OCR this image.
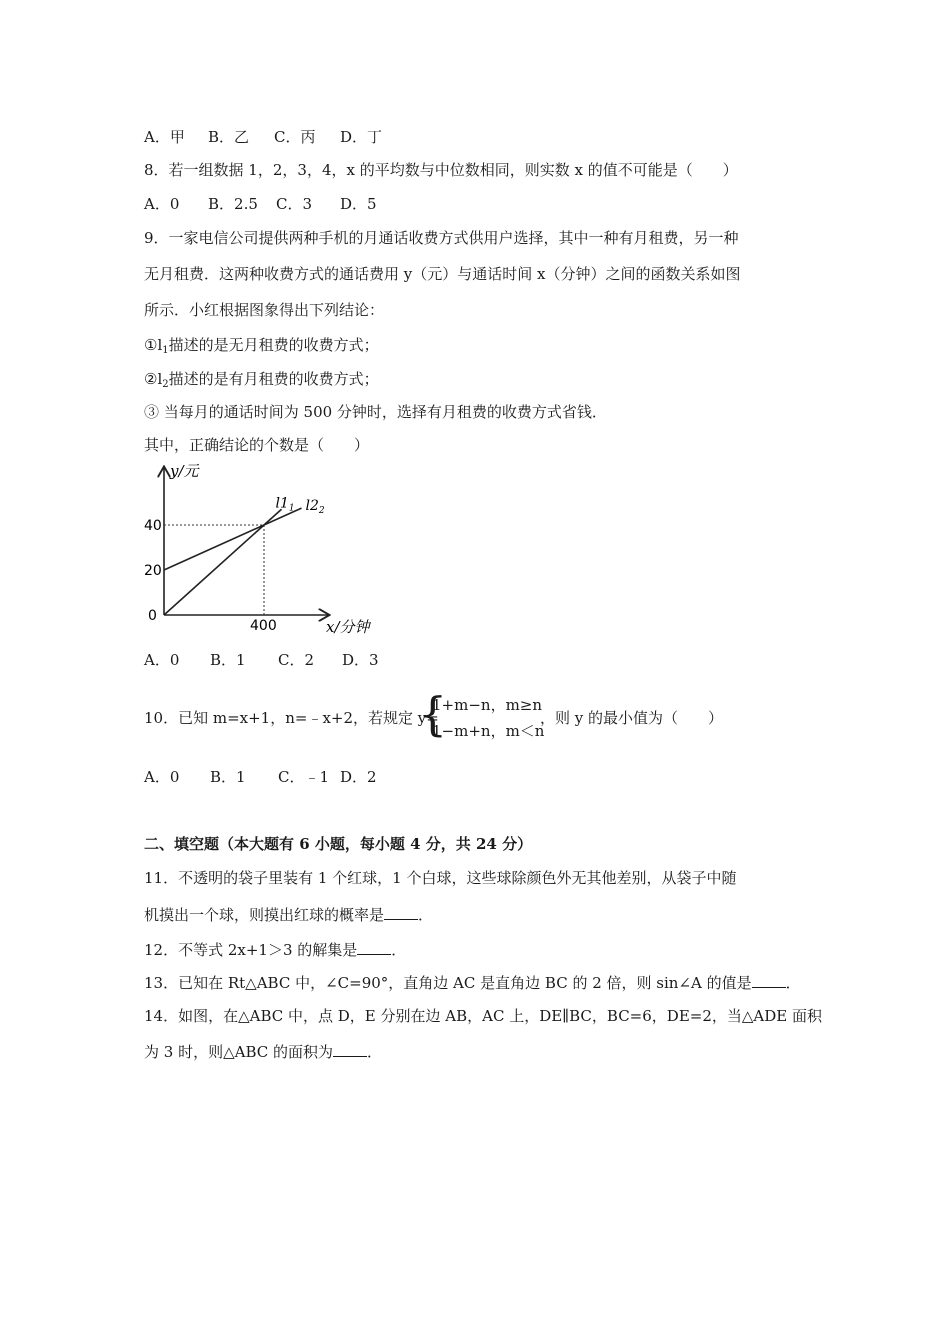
A．甲 B．乙 C．丙 D．丁
8．若一组数据 1，2，3，4，x 的平均数与中位数相同，则实数 x 的值不可能是（　　）
A．0 B．2.5 C．3 D．5
9．一家电信公司提供两种手机的月通话收费方式供用户选择，其中一种有月租费，另一种
无月租费．这两种收费方式的通话费用 y（元）与通话时间 x（分钟）之间的函数关系如图
所示．小红根据图象得出下列结论：
$①l_1$描述的是无月租费的收费方式；
$②l_2$描述的是有月租费的收费方式；
③ 当每月的通话时间为 500 分钟时，选择有月租费的收费方式省钱．
其中，正确结论的个数是（　　）
y/元
x/分钟
0
20
40
400
$l1_1$ $l2_2$
A．0 B．1 C．2 D．3
10．已知 m=x+1，n=﹣x+2，若规定 y=
{
1+m−n，m≥n
1−m+n，m＜n
，则 y 的最小值为（　　）
A．0 B．1 C．﹣1 D．2
二、填空题（本大题有 6 小题，每小题 4 分，共 24 分）
11．不透明的袋子里装有 1 个红球，1 个白球，这些球除颜色外无其他差别，从袋子中随
机摸出一个球，则摸出红球的概率是 ．
12．不等式 2x+1＞3 的解集是 ．
13．已知在 Rt△ABC 中，∠C=90°，直角边 AC 是直角边 BC 的 2 倍，则 sin∠A 的值是 ．
14．如图，在△ABC 中，点 D，E 分别在边 AB，AC 上，DE∥BC，BC=6，DE=2，当△ADE 面积
为 3 时，则△ABC 的面积为 ．
